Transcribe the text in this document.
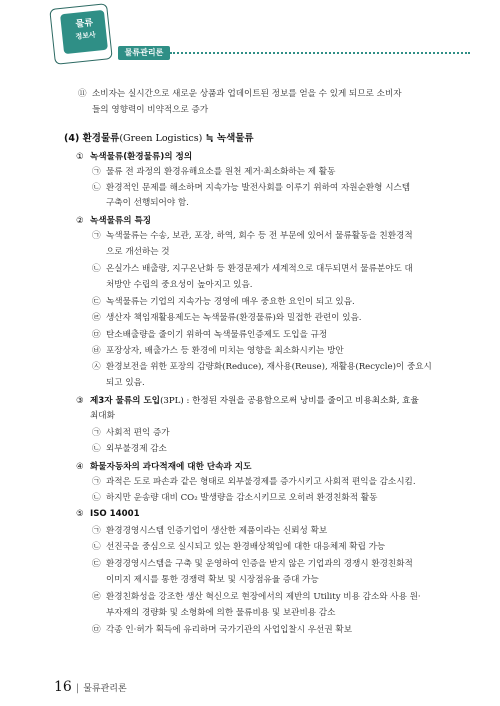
물류
정보사
물류관리론
⑪ 소비자는 실시간으로 새로운 상품과 업데이트된 정보를 얻을 수 있게 되므로 소비자
들의 영향력이 비약적으로 증가
(4) 환경물류(Green Logistics) ≒ 녹색물류
① 녹색물류(환경물류)의 정의
㉠ 물류 전 과정의 환경유해요소를 원천 제거·최소화하는 제 활동
㉡ 환경적인 문제를 해소하며 지속가능 발전사회를 이루기 위하여 자원순환형 시스템
구축이 선행되어야 함.
② 녹색물류의 특징
㉠ 녹색물류는 수송, 보관, 포장, 하역, 회수 등 전 부문에 있어서 물류활동을 친환경적
으로 개선하는 것
㉡ 온실가스 배출량, 지구온난화 등 환경문제가 세계적으로 대두되면서 물류분야도 대
처방안 수립의 중요성이 높아지고 있음.
㉢ 녹색물류는 기업의 지속가능 경영에 매우 중요한 요인이 되고 있음.
㉣ 생산자 책임재활용제도는 녹색물류(환경물류)와 밀접한 관련이 있음.
㉤ 탄소배출량을 줄이기 위하여 녹색물류인증제도 도입을 규정
㉥ 포장상자, 배출가스 등 환경에 미치는 영향을 최소화시키는 방안
㉦ 환경보전을 위한 포장의 감량화(Reduce), 재사용(Reuse), 재활용(Recycle)이 중요시
되고 있음.
③ 제3자 물류의 도입(3PL) : 한정된 자원을 공용함으로써 낭비를 줄이고 비용최소화, 효율
최대화
㉠ 사회적 편익 증가
㉡ 외부불경제 감소
④ 화물자동차의 과다적재에 대한 단속과 지도
㉠ 과적은 도로 파손과 같은 형태로 외부불경제를 증가시키고 사회적 편익을 감소시킴.
㉡ 하지만 운송량 대비 CO₂ 발생량을 감소시키므로 오히려 환경친화적 활동
⑤ ISO 14001
㉠ 환경경영시스템 인증기업이 생산한 제품이라는 신뢰성 확보
㉡ 선진국을 중심으로 실시되고 있는 환경배상책임에 대한 대응체제 확립 가능
㉢ 환경경영시스템을 구축 및 운영하여 인증을 받지 않은 기업과의 경쟁시 환경친화적
이미지 제시를 통한 경쟁력 확보 및 시장점유율 증대 가능
㉣ 환경친화성을 강조한 생산 혁신으로 현장에서의 제반의 Utility 비용 감소와 사용 원·
부자재의 경량화 및 소형화에 의한 물류비용 및 보관비용 감소
㉤ 각종 인·허가 획득에 유리하며 국가기관의 사업입찰시 우선권 확보
16 | 물류관리론
